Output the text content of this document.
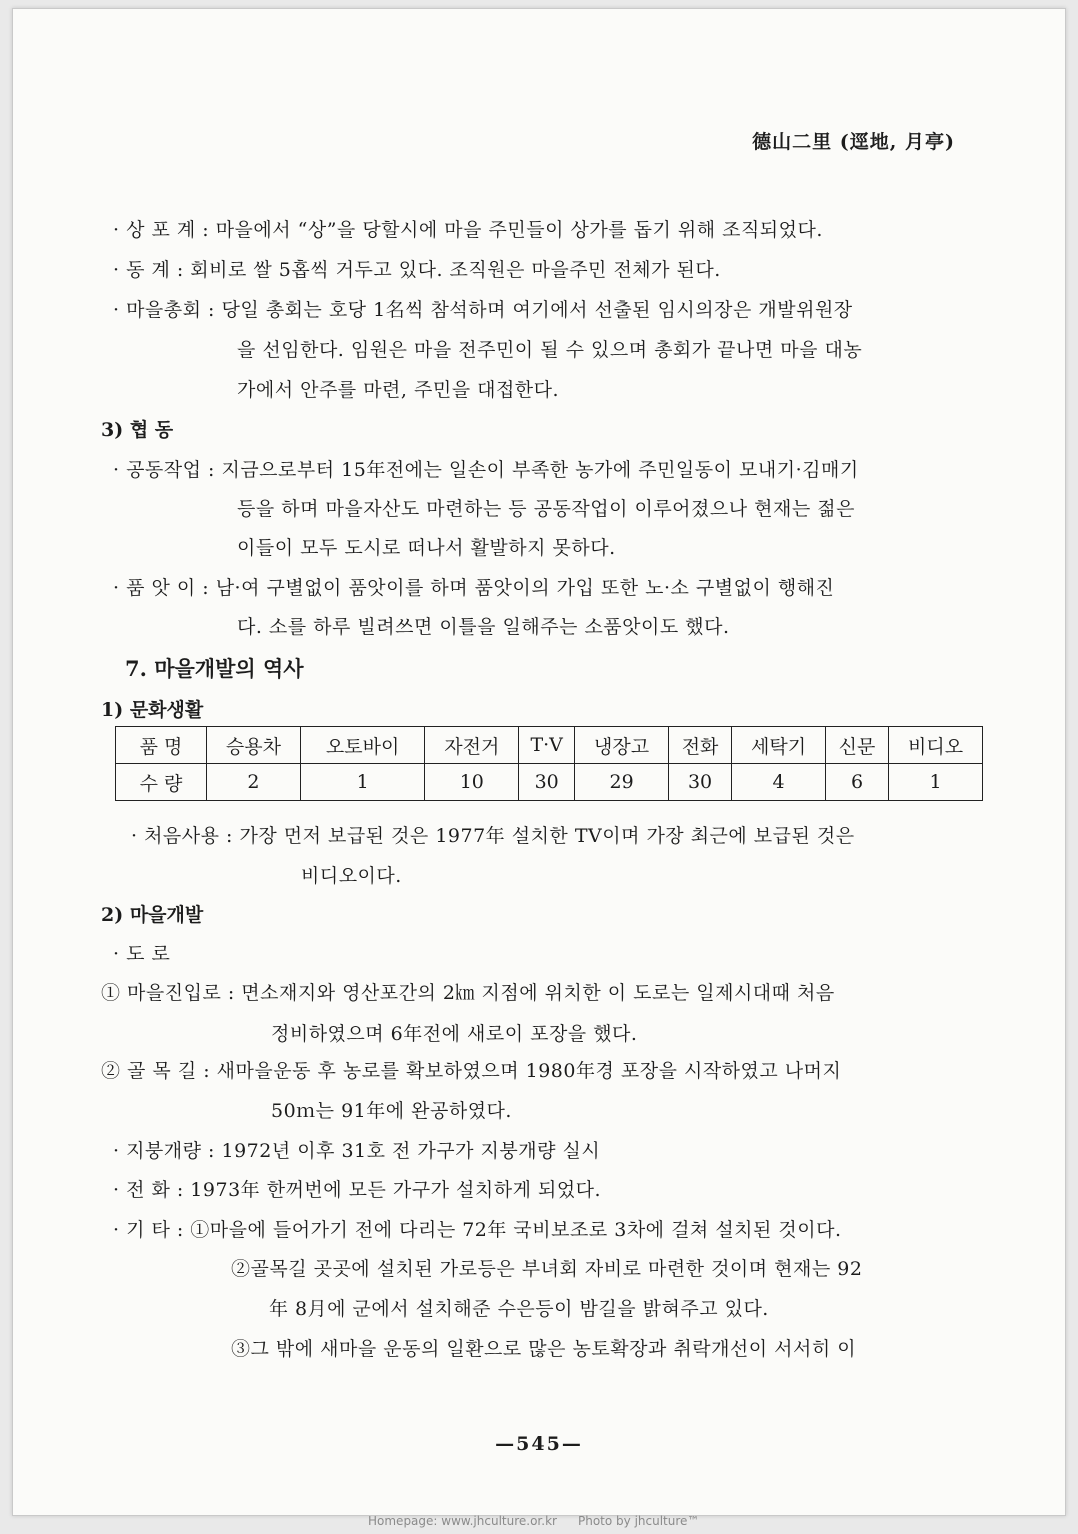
德山二里 (逕地, 月亭)
· 상 포 계 : 마을에서 “상”을 당할시에 마을 주민들이 상가를 돕기 위해 조직되었다.
· 동 계 : 회비로 쌀 5홉씩 거두고 있다. 조직원은 마을주민 전체가 된다.
· 마을총회 : 당일 총회는 호당 1名씩 참석하며 여기에서 선출된 임시의장은 개발위원장
을 선임한다. 임원은 마을 전주민이 될 수 있으며 총회가 끝나면 마을 대농
가에서 안주를 마련, 주민을 대접한다.
3) 협 동
· 공동작업 : 지금으로부터 15年전에는 일손이 부족한 농가에 주민일동이 모내기·김매기
등을 하며 마을자산도 마련하는 등 공동작업이 이루어졌으나 현재는 젊은
이들이 모두 도시로 떠나서 활발하지 못하다.
· 품 앗 이 : 남·여 구별없이 품앗이를 하며 품앗이의 가입 또한 노·소 구별없이 행해진
다. 소를 하루 빌려쓰면 이틀을 일해주는 소품앗이도 했다.
7. 마을개발의 역사
1) 문화생활
품 명	승용차	오토바이	자전거	T·V	냉장고	전화	세탁기	신문	비디오
수 량	2	1	10	30	29	30	4	6	1
· 처음사용 : 가장 먼저 보급된 것은 1977年 설치한 TV이며 가장 최근에 보급된 것은
비디오이다.
2) 마을개발
· 도 로
① 마을진입로 : 면소재지와 영산포간의 2㎞ 지점에 위치한 이 도로는 일제시대때 처음
정비하였으며 6年전에 새로이 포장을 했다.
② 골 목 길 : 새마을운동 후 농로를 확보하였으며 1980年경 포장을 시작하였고 나머지
50ｍ는 91年에 완공하였다.
· 지붕개량 : 1972년 이후 31호 전 가구가 지붕개량 실시
· 전 화 : 1973年 한꺼번에 모든 가구가 설치하게 되었다.
· 기 타 : ①마을에 들어가기 전에 다리는 72年 국비보조로 3차에 걸쳐 설치된 것이다.
②골목길 곳곳에 설치된 가로등은 부녀회 자비로 마련한 것이며 현재는 92
年 8月에 군에서 설치해준 수은등이 밤길을 밝혀주고 있다.
③그 밖에 새마을 운동의 일환으로 많은 농토확장과 취락개선이 서서히 이
—545—
Homepage: www.jhculture.or.kr Photo by jhculture™
